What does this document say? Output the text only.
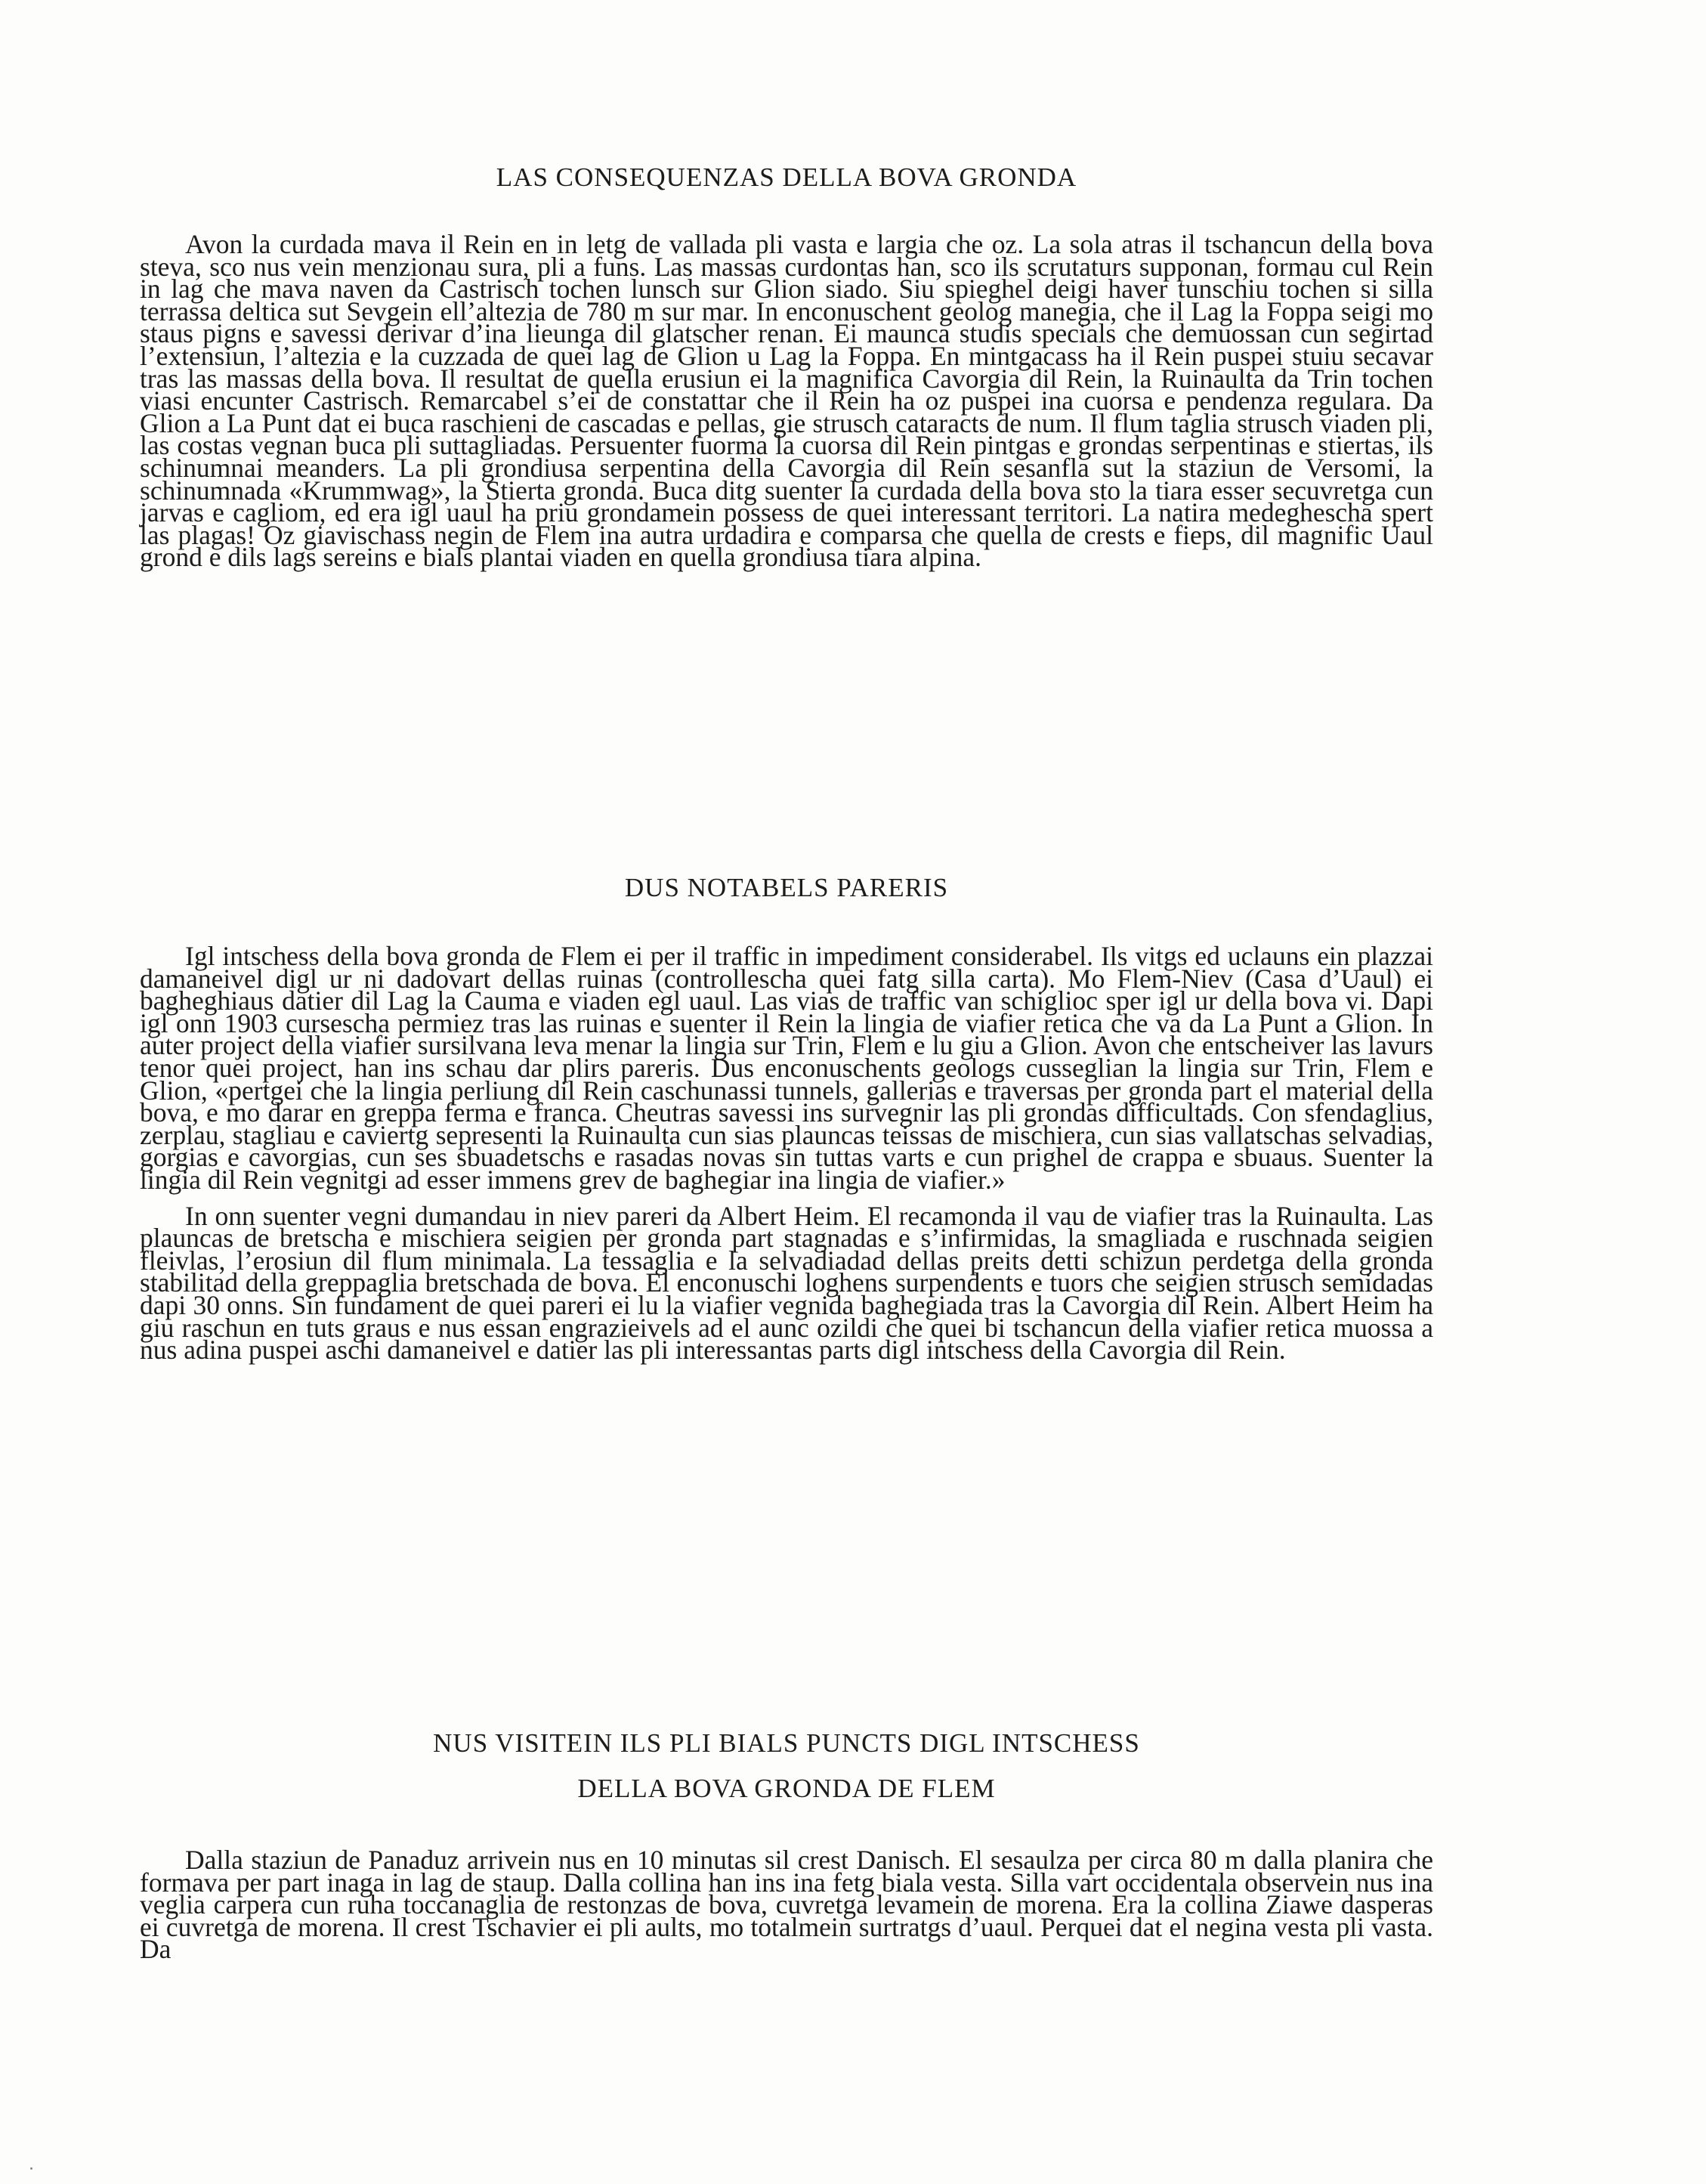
LAS CONSEQUENZAS DELLA BOVA GRONDA

Avon la curdada mava il Rein en in letg de vallada pli vasta e largia che oz. La sola atras il tschancun della bova steva, sco nus vein menzionau sura, pli a funs. Las massas curdontas han, sco ils scrutaturs supponan, formau cul Rein in lag che mava naven da Castrisch tochen lunsch sur Glion siado. Siu spieghel deigi haver tunschiu tochen si silla terrassa deltica sut Sevgein ell’altezia de 780 m sur mar. In enconuschent geolog manegia, che il Lag la Foppa seigi mo staus pigns e savessi derivar d’ina lieunga dil glatscher renan. Ei maunca studis specials che demuossan cun segirtad l’extensiun, l’altezia e la cuzzada de quei lag de Glion u Lag la Foppa. En mintgacass ha il Rein puspei stuiu secavar tras las massas della bova. Il resultat de quella erusiun ei la magnifica Cavorgia dil Rein, la Ruinaulta da Trin tochen viasi encunter Castrisch. Remarcabel s’ei de constattar che il Rein ha oz puspei ina cuorsa e pendenza regulara. Da Glion a La Punt dat ei buca raschieni de cascadas e pellas, gie strusch cataracts de num. Il flum taglia strusch viaden pli, las costas vegnan buca pli suttagliadas. Persuenter fuorma la cuorsa dil Rein pintgas e grondas serpentinas e stiertas, ils schinumnai meanders. La pli grondiusa serpentina della Cavorgia dil Rein sesanfla sut la staziun de Versomi, la schinumnada «Krummwag», la Stierta gronda. Buca ditg suenter la curdada della bova sto la tiara esser secuvretga cun jarvas e cagliom, ed era igl uaul ha priu grondamein possess de quei interessant territori. La natira medeghescha spert las plagas! Oz giavischass negin de Flem ina autra urdadira e comparsa che quella de crests e fieps, dil magnific Uaul grond e dils lags sereins e bials plantai viaden en quella grondiusa tiara alpina.

DUS NOTABELS PARERIS

Igl intschess della bova gronda de Flem ei per il traffic in impediment considerabel. Ils vitgs ed uclauns ein plazzai damaneivel digl ur ni dadovart dellas ruinas (controllescha quei fatg silla carta). Mo Flem-Niev (Casa d’Uaul) ei bagheghiaus datier dil Lag la Cauma e viaden egl uaul. Las vias de traffic van schiglioc sper igl ur della bova vi. Dapi igl onn 1903 cursescha permiez tras las ruinas e suenter il Rein la lingia de viafier retica che va da La Punt a Glion. In auter project della viafier sursilvana leva menar la lingia sur Trin, Flem e lu giu a Glion. Avon che entscheiver las lavurs tenor quei project, han ins schau dar plirs pareris. Dus enconuschents geologs cusseglian la lingia sur Trin, Flem e Glion, «pertgei che la lingia perliung dil Rein caschunassi tunnels, gallerias e traversas per gronda part el material della bova, e mo darar en greppa ferma e franca. Cheutras savessi ins survegnir las pli grondas difficultads. Con sfendaglius, zerplau, stagliau e caviertg sepresenti la Ruinaulta cun sias plauncas teissas de mischiera, cun sias vallatschas selvadias, gorgias e cavorgias, cun ses sbuadetschs e rasadas novas sin tuttas varts e cun prighel de crappa e sbuaus. Suenter la lingia dil Rein vegnitgi ad esser immens grev de baghegiar ina lingia de viafier.»

In onn suenter vegni dumandau in niev pareri da Albert Heim. El recamonda il vau de viafier tras la Ruinaulta. Las plauncas de bretscha e mischiera seigien per gronda part stagnadas e s’infirmidas, la smagliada e ruschnada seigien fleivlas, l’erosiun dil flum minimala. La tessaglia e la selvadiadad dellas preits detti schizun perdetga della gronda stabilitad della greppaglia bretschada de bova. El enconuschi loghens surpendents e tuors che seigien strusch semidadas dapi 30 onns. Sin fundament de quei pareri ei lu la viafier vegnida baghegiada tras la Cavorgia dil Rein. Albert Heim ha giu raschun en tuts graus e nus essan engrazieivels ad el aunc ozildi che quei bi tschancun della viafier retica muossa a nus adina puspei aschi damaneivel e datier las pli interessantas parts digl intschess della Cavorgia dil Rein.

NUS VISITEIN ILS PLI BIALS PUNCTS DIGL INTSCHESS
DELLA BOVA GRONDA DE FLEM

Dalla staziun de Panaduz arrivein nus en 10 minutas sil crest Danisch. El sesaulza per circa 80 m dalla planira che formava per part inaga in lag de staup. Dalla collina han ins ina fetg biala vesta. Silla vart occidentala observein nus ina veglia carpera cun ruha toccanaglia de restonzas de bova, cuvretga levamein de morena. Era la collina Ziawe dasperas ei cuvretga de morena. Il crest Tschavier ei pli aults, mo totalmein surtratgs d’uaul. Perquei dat el negina vesta pli vasta. Da
